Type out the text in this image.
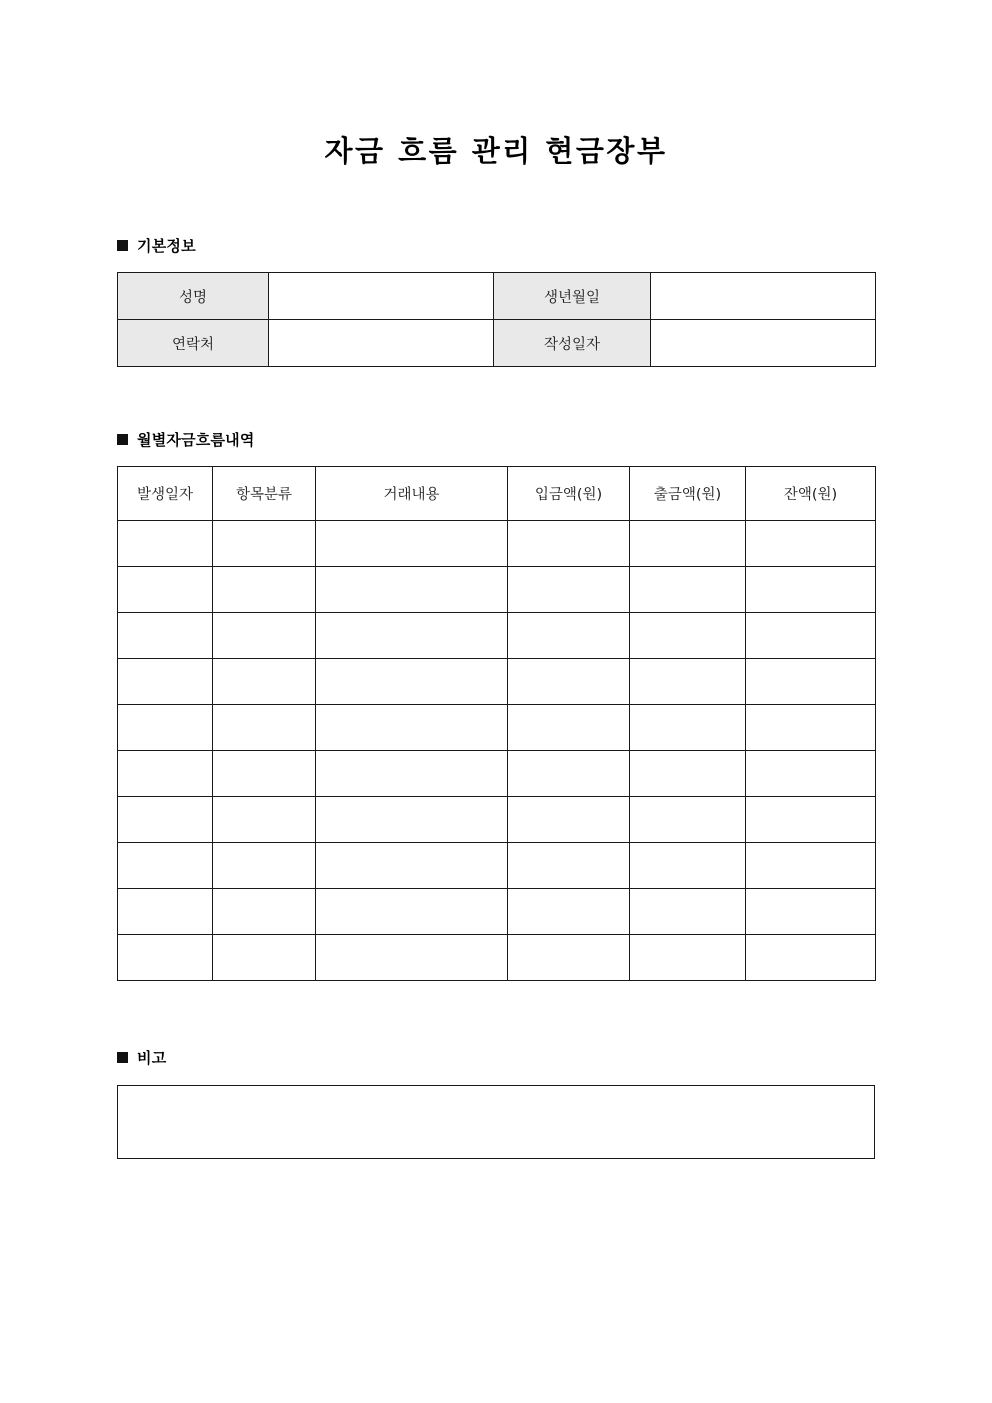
자금 흐름 관리 현금장부
기본정보
성명		생년월일	
연락처		작성일자	
월별자금흐름내역
발생일자	항목분류	거래내용	입금액(원)	출금액(원)	잔액(원)

비고
